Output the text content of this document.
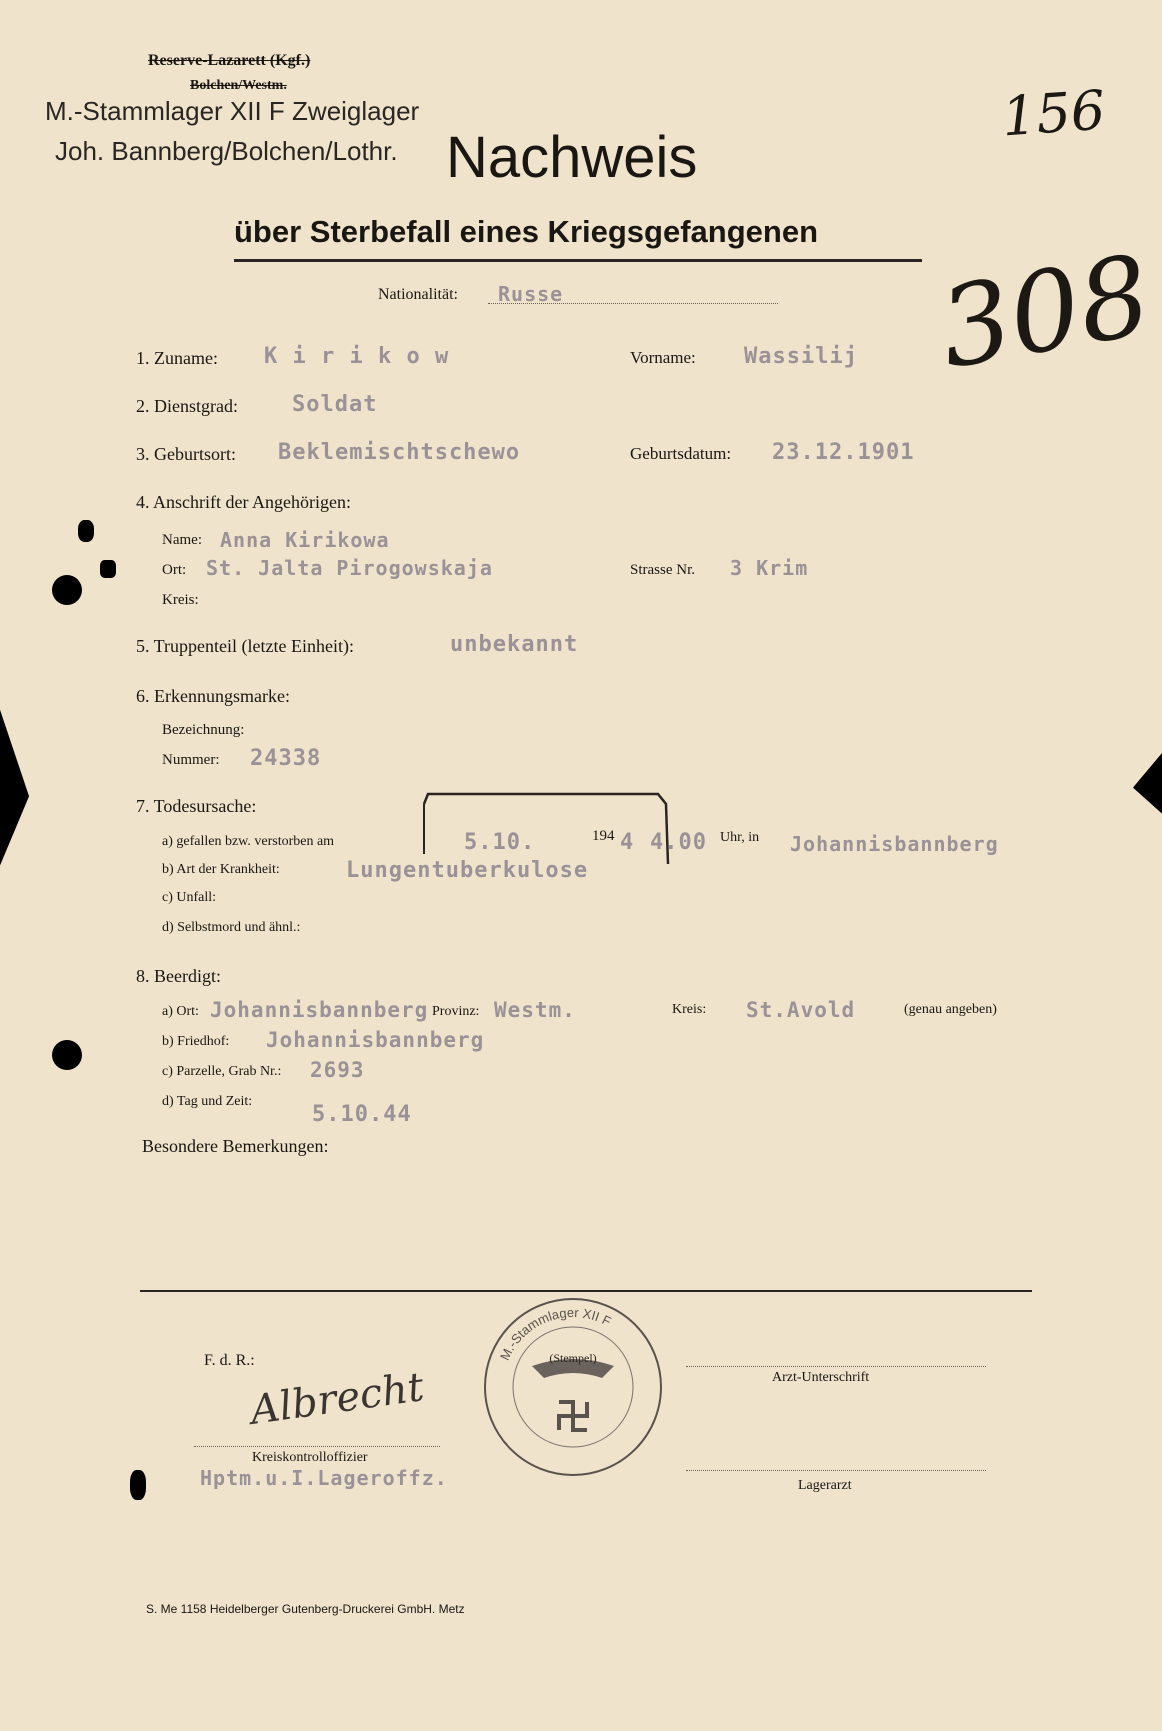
Reserve-Lazarett (Kgf.)
Bolchen/Westm.
M.-Stammlager XII F Zweiglager
Joh. Bannberg/Bolchen/Lothr. Nachweis
über Sterbefall eines Kriegsgefangenen
156
308
Nationalität: Russe
1. Zuname: K i r i k o w	Vorname: Wassilij
2. Dienstgrad: Soldat
3. Geburtsort: Beklemischtschewo	Geburtsdatum: 23.12.1901
4. Anschrift der Angehörigen:
Name: Anna Kirikowa
Ort: St. Jalta Pirogowskaja	Strasse Nr. 3 Krim
Kreis:
5. Truppenteil (letzte Einheit):	unbekannt
6. Erkennungsmarke:
Bezeichnung:
Nummer: 24338
7. Todesursache:
a) gefallen bzw. verstorben am	5.10.	194 4 4.00 Uhr, in Johannisbannberg
b) Art der Krankheit:	Lungentuberkulose
c) Unfall:
d) Selbstmord und ähnl.:
8. Beerdigt:
a) Ort: Johannisbannberg Provinz: Westm.	Kreis: St.Avold	(genau angeben)
b) Friedhof: Johannisbannberg
c) Parzelle, Grab Nr.: 2693
d) Tag und Zeit:
5.10.44
Besondere Bemerkungen:
F. d. R.:
Albrecht
Kreiskontrolloffizier
Hptm.u.I.Lageroffz.
M.-Stammlager XII F
(Stempel)
Arzt-Unterschrift
Lagerarzt
S. Me 1158 Heidelberger Gutenberg-Druckerei GmbH. Metz
